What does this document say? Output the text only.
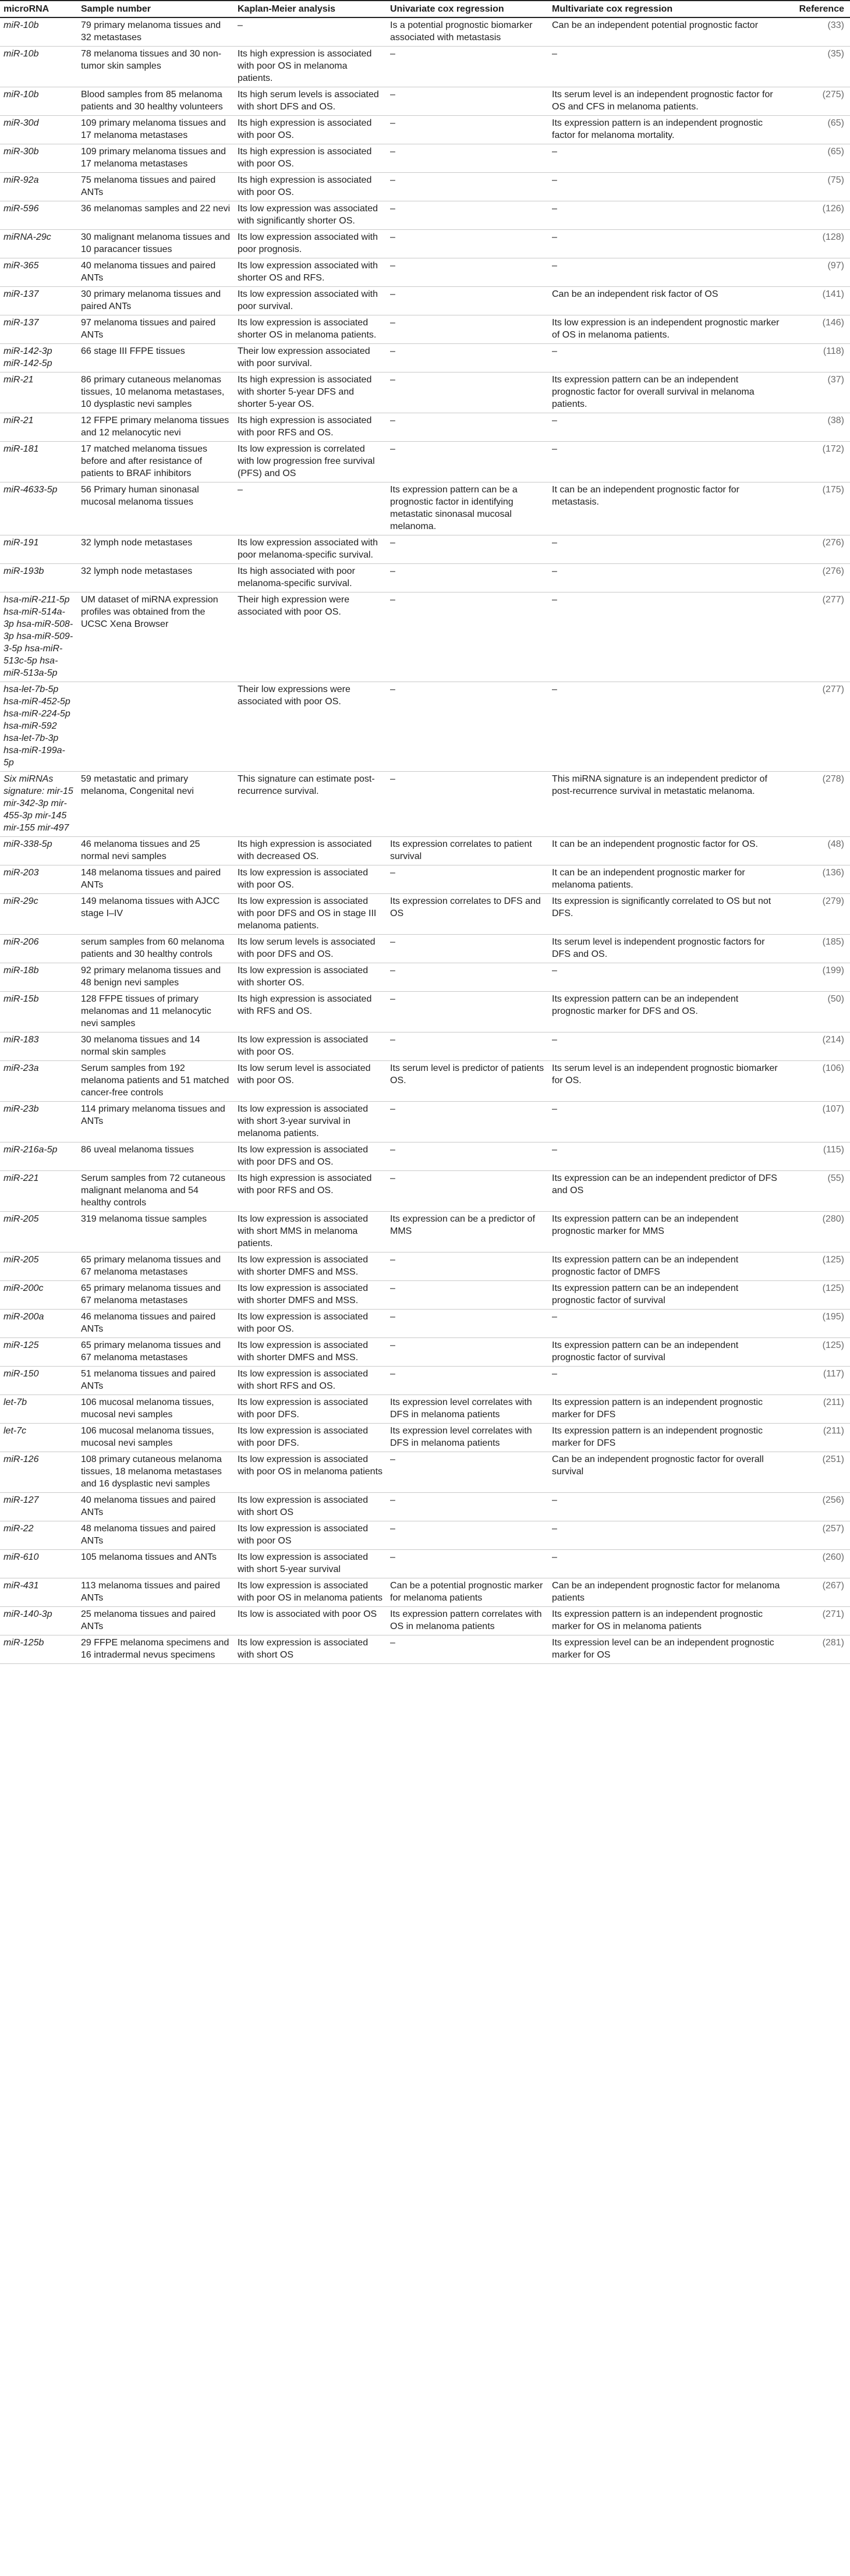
microRNA	Sample number	Kaplan-Meier analysis	Univariate cox regression	Multivariate cox regression	Reference
miR-10b	79 primary melanoma tissues and 32 metastases	–	Is a potential prognostic biomarker associated with metastasis	Can be an independent potential prognostic factor	(33)
miR-10b	78 melanoma tissues and 30 non-tumor skin samples	Its high expression is associated with poor OS in melanoma patients.	–	–	(35)
miR-10b	Blood samples from 85 melanoma patients and 30 healthy volunteers	Its high serum levels is associated with short DFS and OS.	–	Its serum level is an independent prognostic factor for OS and CFS in melanoma patients.	(275)
miR-30d	109 primary melanoma tissues and 17 melanoma metastases	Its high expression is associated with poor OS.	–	Its expression pattern is an independent prognostic factor for melanoma mortality.	(65)
miR-30b	109 primary melanoma tissues and 17 melanoma metastases	Its high expression is associated with poor OS.	–	–	(65)
miR-92a	75 melanoma tissues and paired ANTs	Its high expression is associated with poor OS.	–	–	(75)
miR-596	36 melanomas samples and 22 nevi	Its low expression was associated with significantly shorter OS.	–	–	(126)
miRNA-29c	30 malignant melanoma tissues and 10 paracancer tissues	Its low expression associated with poor prognosis.	–	–	(128)
miR-365	40 melanoma tissues and paired ANTs	Its low expression associated with shorter OS and RFS.	–	–	(97)
miR-137	30 primary melanoma tissues and paired ANTs	Its low expression associated with poor survival.	–	Can be an independent risk factor of OS	(141)
miR-137	97 melanoma tissues and paired ANTs	Its low expression is associated shorter OS in melanoma patients.	–	Its low expression is an independent prognostic marker of OS in melanoma patients.	(146)
miR-142-3p miR-142-5p	66 stage III FFPE tissues	Their low expression associated with poor survival.	–	–	(118)
miR-21	86 primary cutaneous melanomas tissues, 10 melanoma metastases, 10 dysplastic nevi samples	Its high expression is associated with shorter 5-year DFS and shorter 5-year OS.	–	Its expression pattern can be an independent prognostic factor for overall survival in melanoma patients.	(37)
miR-21	12 FFPE primary melanoma tissues and 12 melanocytic nevi	Its high expression is associated with poor RFS and OS.	–	–	(38)
miR-181	17 matched melanoma tissues before and after resistance of patients to BRAF inhibitors	Its low expression is correlated with low progression free survival (PFS) and OS	–	–	(172)
miR-4633-5p	56 Primary human sinonasal mucosal melanoma tissues	–	Its expression pattern can be a prognostic factor in identifying metastatic sinonasal mucosal melanoma.	It can be an independent prognostic factor for metastasis.	(175)
miR-191	32 lymph node metastases	Its low expression associated with poor melanoma-specific survival.	–	–	(276)
miR-193b	32 lymph node metastases	Its high associated with poor melanoma-specific survival.	–	–	(276)
hsa-miR-211-5p hsa-miR-514a-3p hsa-miR-508-3p hsa-miR-509-3-5p hsa-miR-513c-5p hsa-miR-513a-5p	UM dataset of miRNA expression profiles was obtained from the UCSC Xena Browser	Their high expression were associated with poor OS.	–	–	(277)
hsa-let-7b-5p hsa-miR-452-5p hsa-miR-224-5p hsa-miR-592 hsa-let-7b-3p hsa-miR-199a-5p		Their low expressions were associated with poor OS.	–	–	(277)
Six miRNAs signature: mir-15 mir-342-3p mir-455-3p mir-145 mir-155 mir-497	59 metastatic and primary melanoma, Congenital nevi	This signature can estimate post-recurrence survival.	–	This miRNA signature is an independent predictor of post-recurrence survival in metastatic melanoma.	(278)
miR-338-5p	46 melanoma tissues and 25 normal nevi samples	Its high expression is associated with decreased OS.	Its expression correlates to patient survival	It can be an independent prognostic factor for OS.	(48)
miR-203	148 melanoma tissues and paired ANTs	Its low expression is associated with poor OS.	–	It can be an independent prognostic marker for melanoma patients.	(136)
miR-29c	149 melanoma tissues with AJCC stage I–IV	Its low expression is associated with poor DFS and OS in stage III melanoma patients.	Its expression correlates to DFS and OS	Its expression is significantly correlated to OS but not DFS.	(279)
miR-206	serum samples from 60 melanoma patients and 30 healthy controls	Its low serum levels is associated with poor DFS and OS.	–	Its serum level is independent prognostic factors for DFS and OS.	(185)
miR-18b	92 primary melanoma tissues and 48 benign nevi samples	Its low expression is associated with shorter OS.	–	–	(199)
miR-15b	128 FFPE tissues of primary melanomas and 11 melanocytic nevi samples	Its high expression is associated with RFS and OS.	–	Its expression pattern can be an independent prognostic marker for DFS and OS.	(50)
miR-183	30 melanoma tissues and 14 normal skin samples	Its low expression is associated with poor OS.	–	–	(214)
miR-23a	Serum samples from 192 melanoma patients and 51 matched cancer-free controls	Its low serum level is associated with poor OS.	Its serum level is predictor of patients OS.	Its serum level is an independent prognostic biomarker for OS.	(106)
miR-23b	114 primary melanoma tissues and ANTs	Its low expression is associated with short 3-year survival in melanoma patients.	–	–	(107)
miR-216a-5p	86 uveal melanoma tissues	Its low expression is associated with poor DFS and OS.	–	–	(115)
miR-221	Serum samples from 72 cutaneous malignant melanoma and 54 healthy controls	Its high expression is associated with poor RFS and OS.	–	Its expression can be an independent predictor of DFS and OS	(55)
miR-205	319 melanoma tissue samples	Its low expression is associated with short MMS in melanoma patients.	Its expression can be a predictor of MMS	Its expression pattern can be an independent prognostic marker for MMS	(280)
miR-205	65 primary melanoma tissues and 67 melanoma metastases	Its low expression is associated with shorter DMFS and MSS.	–	Its expression pattern can be an independent prognostic factor of DMFS	(125)
miR-200c	65 primary melanoma tissues and 67 melanoma metastases	Its low expression is associated with shorter DMFS and MSS.	–	Its expression pattern can be an independent prognostic factor of survival	(125)
miR-200a	46 melanoma tissues and paired ANTs	Its low expression is associated with poor OS.	–	–	(195)
miR-125	65 primary melanoma tissues and 67 melanoma metastases	Its low expression is associated with shorter DMFS and MSS.	–	Its expression pattern can be an independent prognostic factor of survival	(125)
miR-150	51 melanoma tissues and paired ANTs	Its low expression is associated with short RFS and OS.	–	–	(117)
let-7b	106 mucosal melanoma tissues, mucosal nevi samples	Its low expression is associated with poor DFS.	Its expression level correlates with DFS in melanoma patients	Its expression pattern is an independent prognostic marker for DFS	(211)
let-7c	106 mucosal melanoma tissues, mucosal nevi samples	Its low expression is associated with poor DFS.	Its expression level correlates with DFS in melanoma patients	Its expression pattern is an independent prognostic marker for DFS	(211)
miR-126	108 primary cutaneous melanoma tissues, 18 melanoma metastases and 16 dysplastic nevi samples	Its low expression is associated with poor OS in melanoma patients	–	Can be an independent prognostic factor for overall survival	(251)
miR-127	40 melanoma tissues and paired ANTs	Its low expression is associated with short OS	–	–	(256)
miR-22	48 melanoma tissues and paired ANTs	Its low expression is associated with poor OS	–	–	(257)
miR-610	105 melanoma tissues and ANTs	Its low expression is associated with short 5-year survival	–	–	(260)
miR-431	113 melanoma tissues and paired ANTs	Its low expression is associated with poor OS in melanoma patients	Can be a potential prognostic marker for melanoma patients	Can be an independent prognostic factor for melanoma patients	(267)
miR-140-3p	25 melanoma tissues and paired ANTs	Its low is associated with poor OS	Its expression pattern correlates with OS in melanoma patients	Its expression pattern is an independent prognostic marker for OS in melanoma patients	(271)
miR-125b	29 FFPE melanoma specimens and 16 intradermal nevus specimens	Its low expression is associated with short OS	–	Its expression level can be an independent prognostic marker for OS	(281)
